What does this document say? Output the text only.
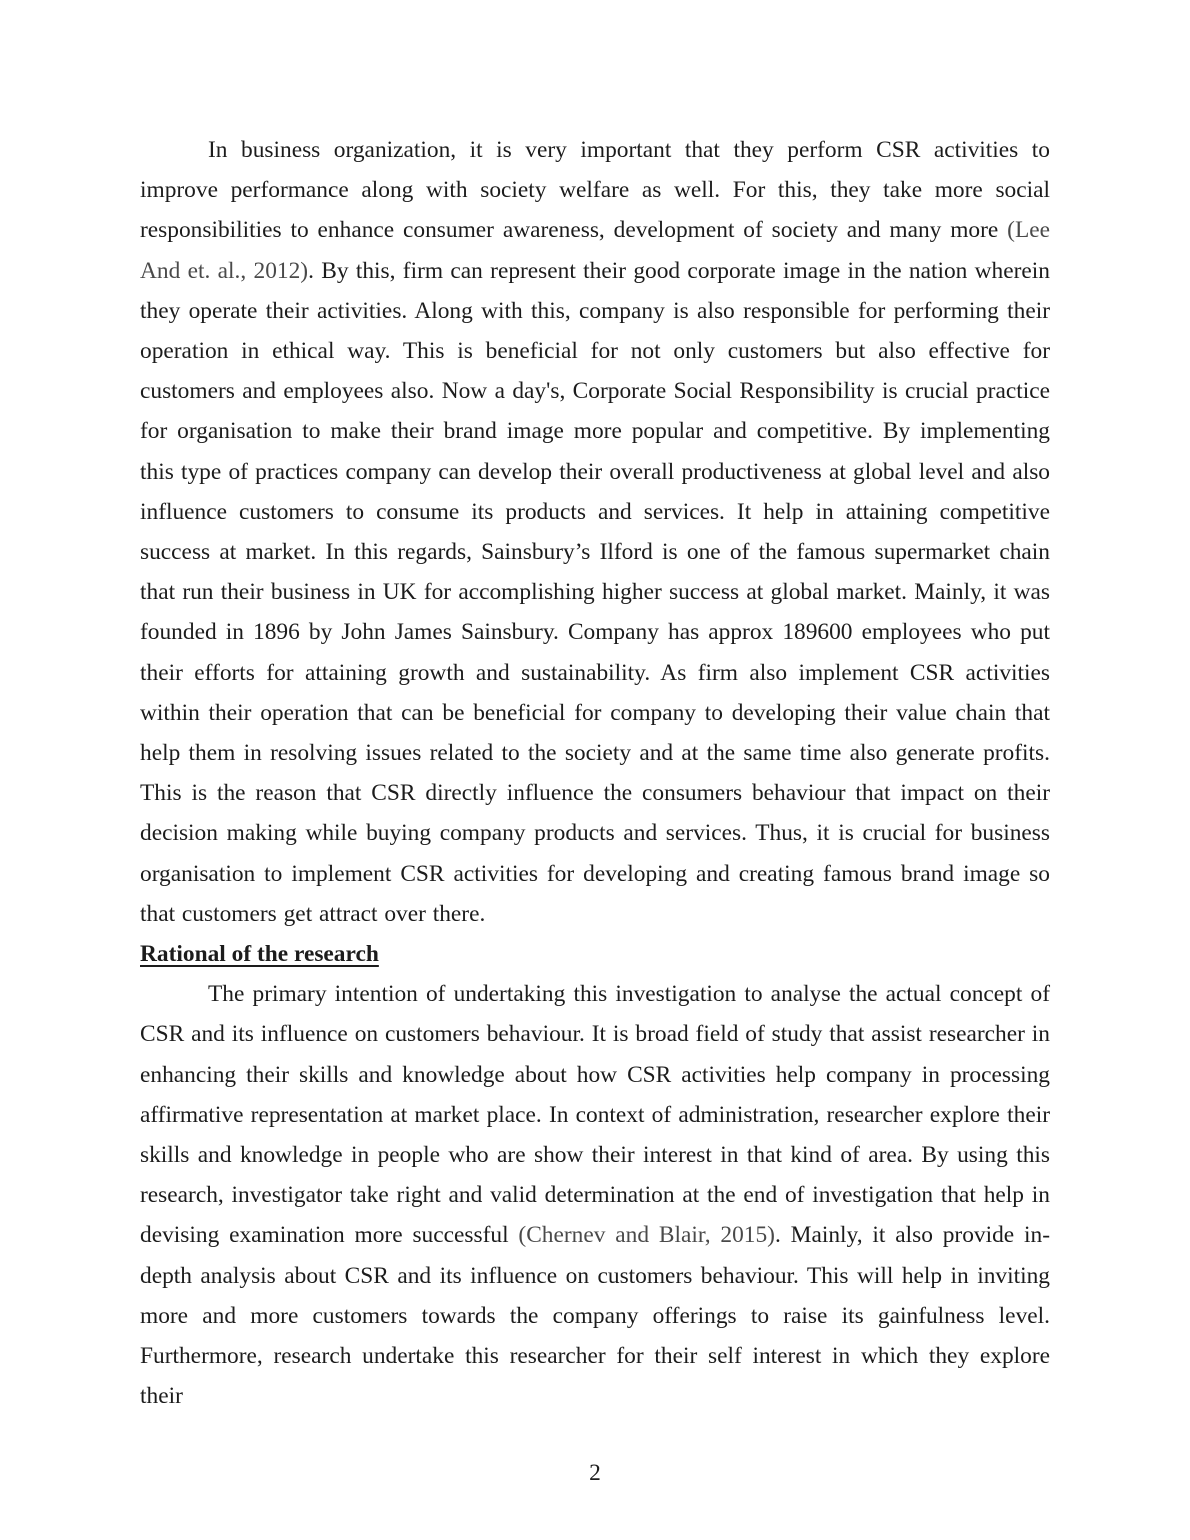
In business organization, it is very important that they perform CSR activities to improve performance along with society welfare as well. For this, they take more social responsibilities to enhance consumer awareness, development of society and many more (Lee And et. al., 2012). By this, firm can represent their good corporate image in the nation wherein they operate their activities. Along with this, company is also responsible for performing their operation in ethical way. This is beneficial for not only customers but also effective for customers and employees also. Now a day's, Corporate Social Responsibility is crucial practice for organisation to make their brand image more popular and competitive. By implementing this type of practices company can develop their overall productiveness at global level and also influence customers to consume its products and services. It help in attaining competitive success at market. In this regards, Sainsbury’s Ilford is one of the famous supermarket chain that run their business in UK for accomplishing higher success at global market. Mainly, it was founded in 1896 by John James Sainsbury. Company has approx 189600 employees who put their efforts for attaining growth and sustainability. As firm also implement CSR activities within their operation that can be beneficial for company to developing their value chain that help them in resolving issues related to the society and at the same time also generate profits. This is the reason that CSR directly influence the consumers behaviour that impact on their decision making while buying company products and services. Thus, it is crucial for business organisation to implement CSR activities for developing and creating famous brand image so that customers get attract over there.

Rational of the research

The primary intention of undertaking this investigation to analyse the actual concept of CSR and its influence on customers behaviour. It is broad field of study that assist researcher in enhancing their skills and knowledge about how CSR activities help company in processing affirmative representation at market place. In context of administration, researcher explore their skills and knowledge in people who are show their interest in that kind of area. By using this research, investigator take right and valid determination at the end of investigation that help in devising examination more successful (Chernev and Blair, 2015). Mainly, it also provide in-depth analysis about CSR and its influence on customers behaviour. This will help in inviting more and more customers towards the company offerings to raise its gainfulness level. Furthermore, research undertake this researcher for their self interest in which they explore their

2
